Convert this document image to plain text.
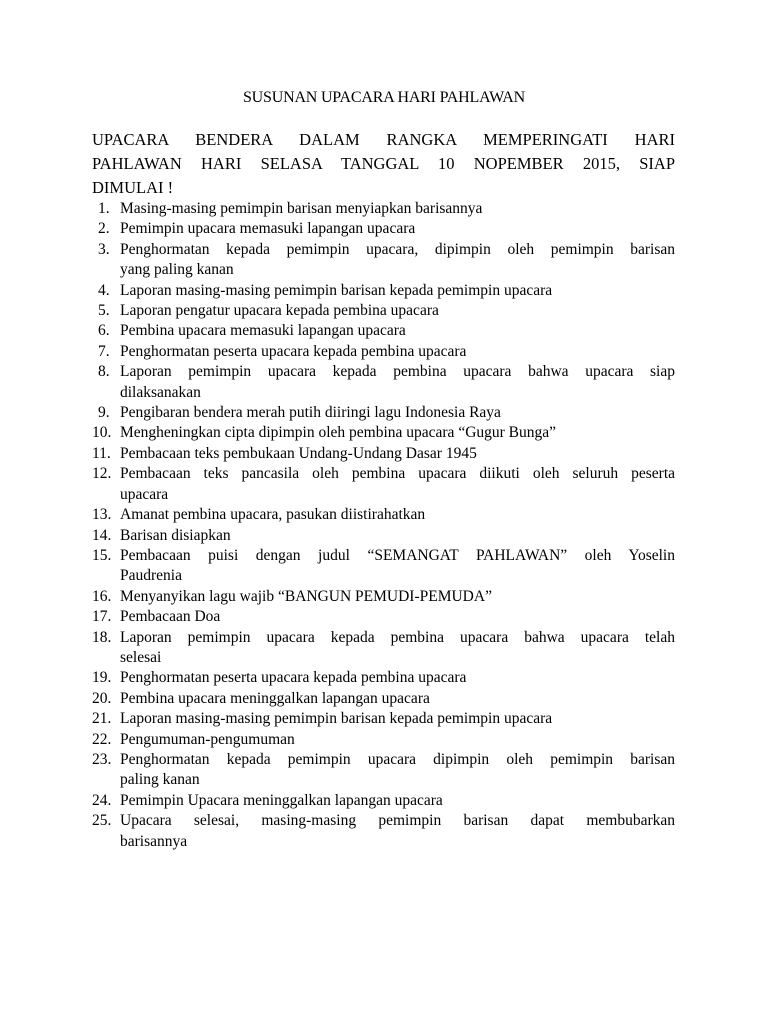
SUSUNAN UPACARA HARI PAHLAWAN
UPACARA BENDERA DALAM RANGKA MEMPERINGATI HARI
PAHLAWAN HARI SELASA TANGGAL 10 NOPEMBER 2015, SIAP
DIMULAI !
1. Masing-masing pemimpin barisan menyiapkan barisannya
2. Pemimpin upacara memasuki lapangan upacara
3. Penghormatan kepada pemimpin upacara, dipimpin oleh pemimpin barisan
yang paling kanan
4. Laporan masing-masing pemimpin barisan kepada pemimpin upacara
5. Laporan pengatur upacara kepada pembina upacara
6. Pembina upacara memasuki lapangan upacara
7. Penghormatan peserta upacara kepada pembina upacara
8. Laporan pemimpin upacara kepada pembina upacara bahwa upacara siap
dilaksanakan
9. Pengibaran bendera merah putih diiringi lagu Indonesia Raya
10. Mengheningkan cipta dipimpin oleh pembina upacara “Gugur Bunga”
11. Pembacaan teks pembukaan Undang-Undang Dasar 1945
12. Pembacaan teks pancasila oleh pembina upacara diikuti oleh seluruh peserta
upacara
13. Amanat pembina upacara, pasukan diistirahatkan
14. Barisan disiapkan
15. Pembacaan puisi dengan judul “SEMANGAT PAHLAWAN” oleh Yoselin
Paudrenia
16. Menyanyikan lagu wajib “BANGUN PEMUDI-PEMUDA”
17. Pembacaan Doa
18. Laporan pemimpin upacara kepada pembina upacara bahwa upacara telah
selesai
19. Penghormatan peserta upacara kepada pembina upacara
20. Pembina upacara meninggalkan lapangan upacara
21. Laporan masing-masing pemimpin barisan kepada pemimpin upacara
22. Pengumuman-pengumuman
23. Penghormatan kepada pemimpin upacara dipimpin oleh pemimpin barisan
paling kanan
24. Pemimpin Upacara meninggalkan lapangan upacara
25. Upacara selesai, masing-masing pemimpin barisan dapat membubarkan
barisannya
